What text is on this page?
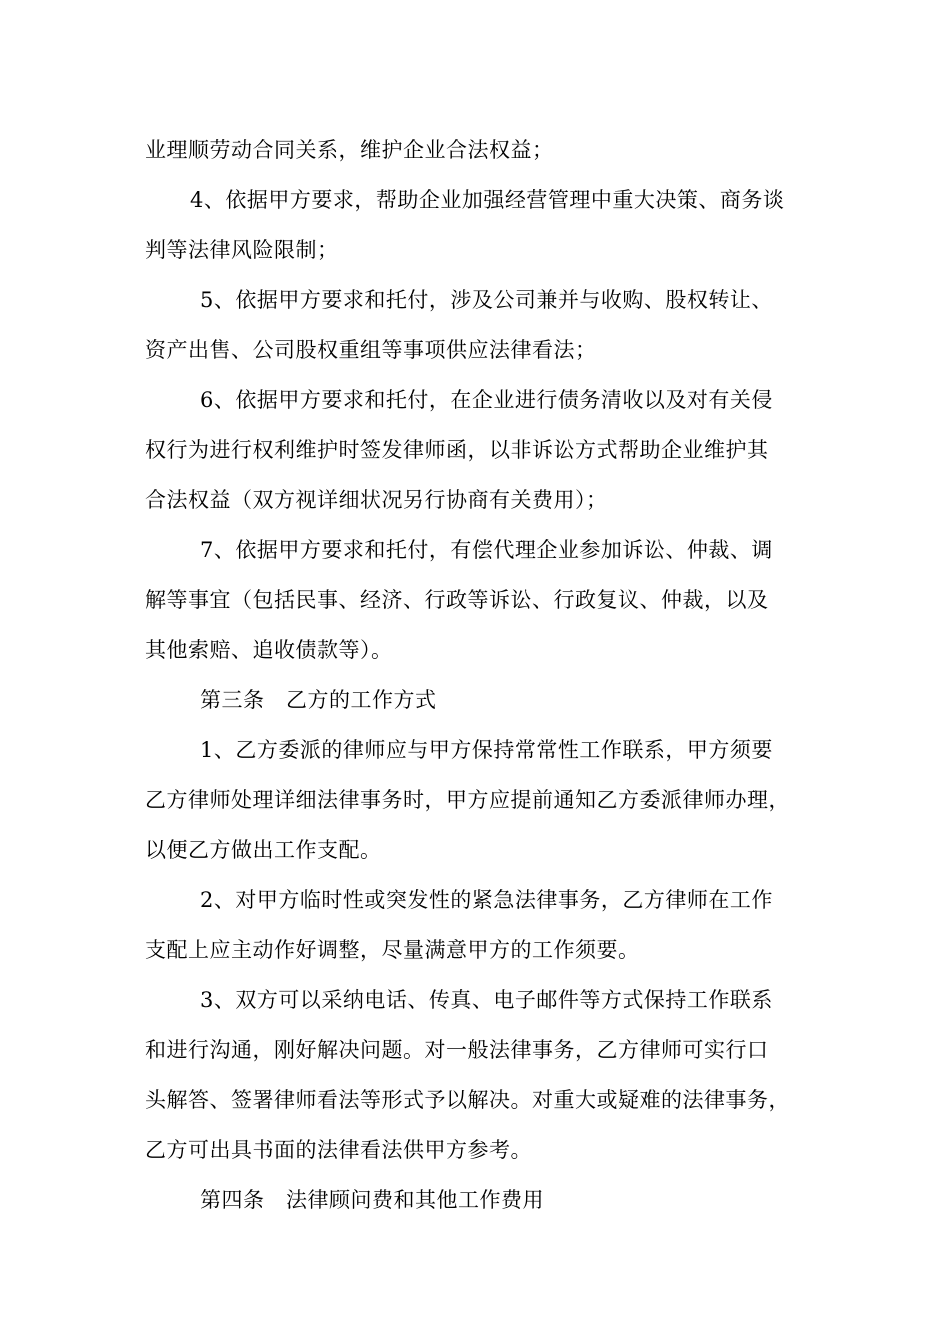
业理顺劳动合同关系，维护企业合法权益；
4、依据甲方要求，帮助企业加强经营管理中重大决策、商务谈
判等法律风险限制；
5、依据甲方要求和托付，涉及公司兼并与收购、股权转让、
资产出售、公司股权重组等事项供应法律看法；
6、依据甲方要求和托付，在企业进行债务清收以及对有关侵
权行为进行权利维护时签发律师函，以非诉讼方式帮助企业维护其
合法权益（双方视详细状况另行协商有关费用）；
7、依据甲方要求和托付，有偿代理企业参加诉讼、仲裁、调
解等事宜（包括民事、经济、行政等诉讼、行政复议、仲裁，以及
其他索赔、追收债款等）。
第三条　乙方的工作方式
1、乙方委派的律师应与甲方保持常常性工作联系，甲方须要
乙方律师处理详细法律事务时，甲方应提前通知乙方委派律师办理，
以便乙方做出工作支配。
2、对甲方临时性或突发性的紧急法律事务，乙方律师在工作
支配上应主动作好调整，尽量满意甲方的工作须要。
3、双方可以采纳电话、传真、电子邮件等方式保持工作联系
和进行沟通，刚好解决问题。对一般法律事务，乙方律师可实行口
头解答、签署律师看法等形式予以解决。对重大或疑难的法律事务，
乙方可出具书面的法律看法供甲方参考。
第四条　法律顾问费和其他工作费用
